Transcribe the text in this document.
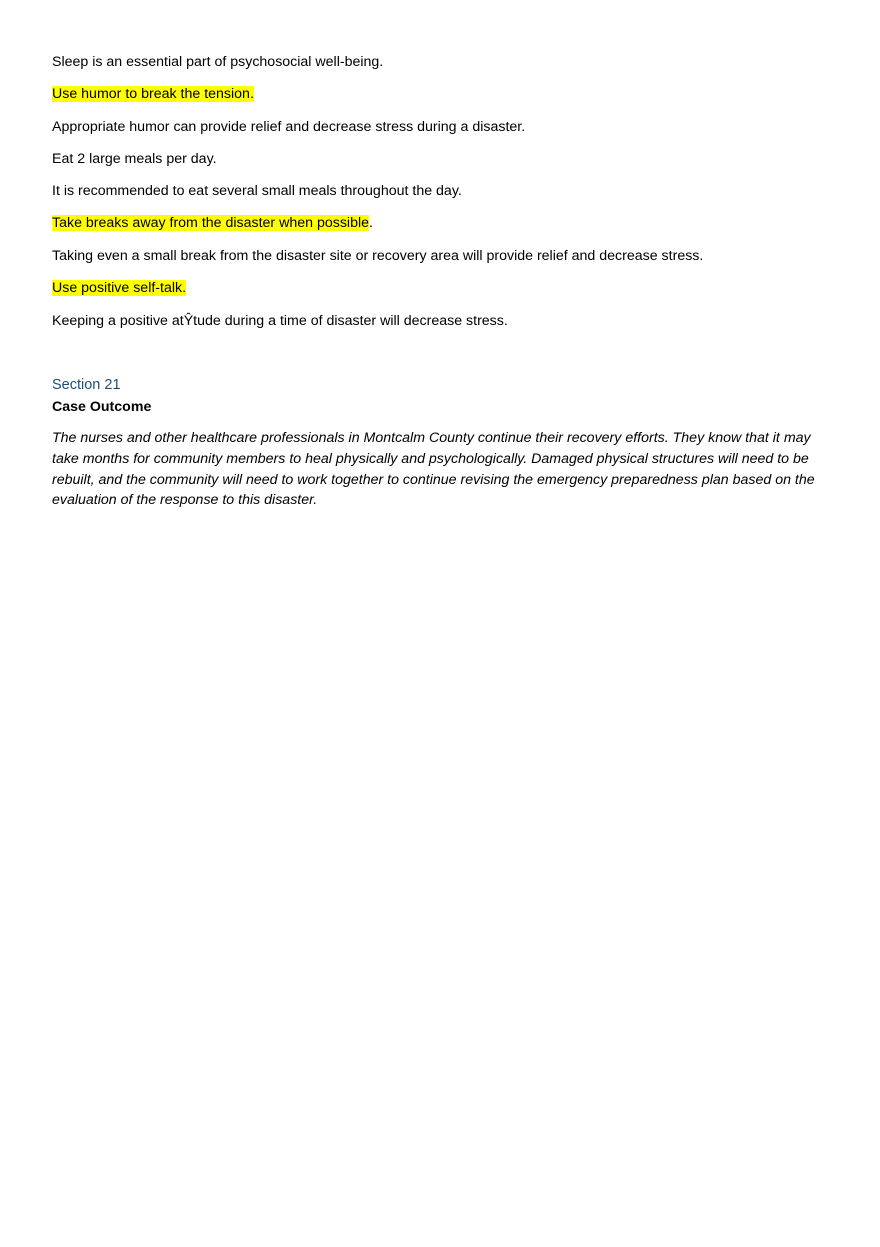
Sleep is an essential part of psychosocial well-being.
Use humor to break the tension.
Appropriate humor can provide relief and decrease stress during a disaster.
Eat 2 large meals per day.
It is recommended to eat several small meals throughout the day.
Take breaks away from the disaster when possible.
Taking even a small break from the disaster site or recovery area will provide relief and decrease stress.
Use positive self-talk.
Keeping a positive atŶtude during a time of disaster will decrease stress.
Section 21
Case Outcome
The nurses and other healthcare professionals in Montcalm County continue their recovery efforts. They know that it may take months for community members to heal physically and psychologically. Damaged physical structures will need to be rebuilt, and the community will need to work together to continue revising the emergency preparedness plan based on the evaluation of the response to this disaster.
